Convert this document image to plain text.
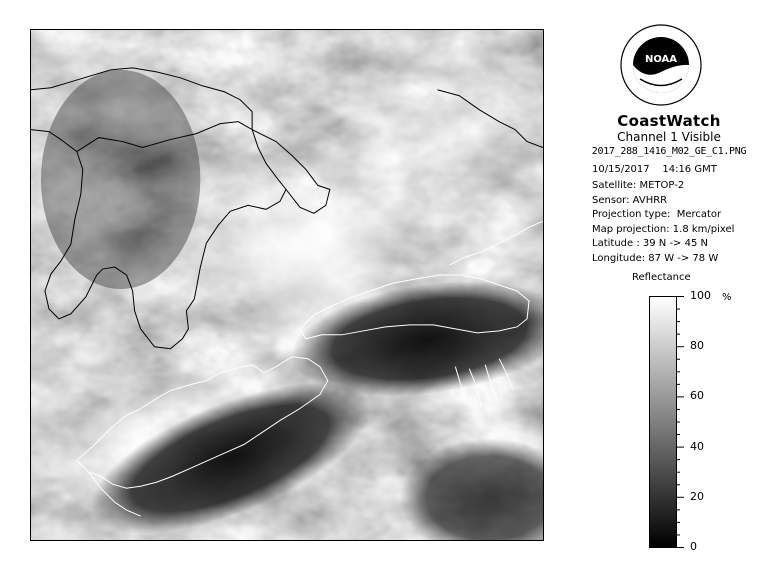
NOAA
CoastWatch
Channel 1 Visible
2017_288_1416_M02_GE_C1.PNG
10/15/2017    14:16 GMT
Satellite: METOP-2
Sensor: AVHRR
Projection type:  Mercator
Map projection: 1.8 km/pixel
Latitude : 39 N -> 45 N
Longitude: 87 W -> 78 W
Reflectance
%
100
80
60
40
20
0
